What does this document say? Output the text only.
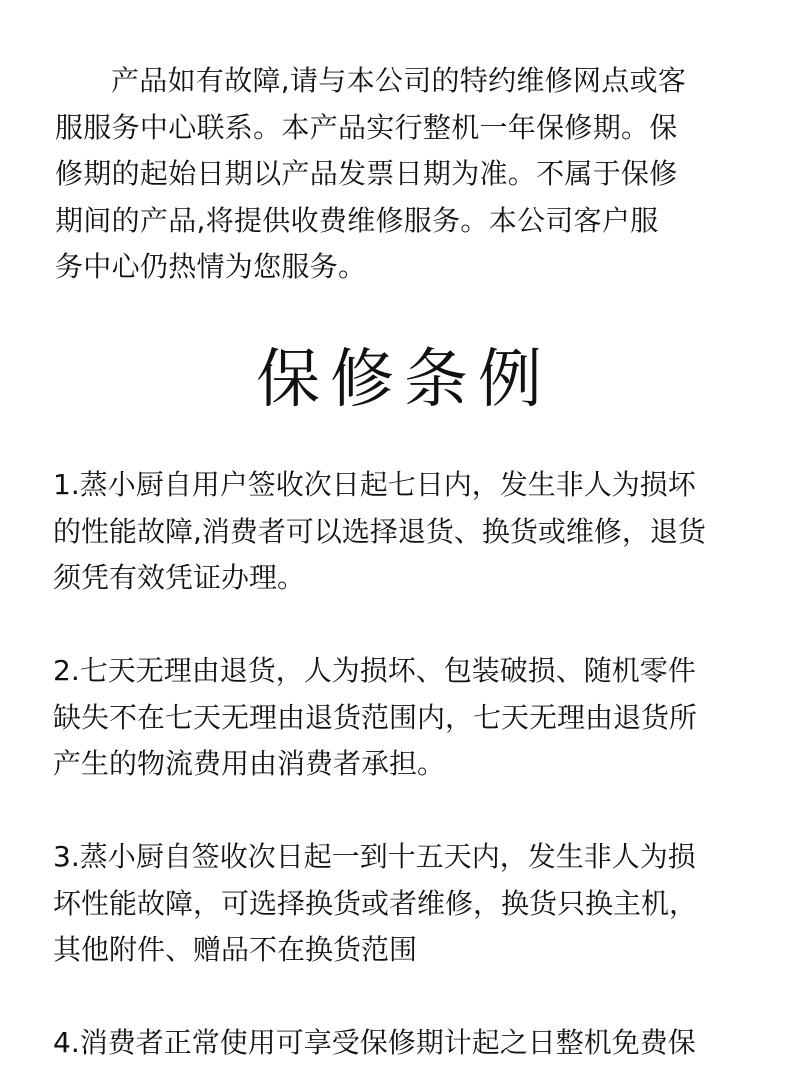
产品如有故障,请与本公司的特约维修网点或客
服服务中心联系。本产品实行整机一年保修期。保
修期的起始日期以产品发票日期为准。不属于保修
期间的产品,将提供收费维修服务。本公司客户服
务中心仍热情为您服务。
保修条例
1.蒸小厨自用户签收次日起七日内，发生非人为损坏
的性能故障,消费者可以选择退货、换货或维修，退货
须凭有效凭证办理。
2.七天无理由退货，人为损坏、包装破损、随机零件
缺失不在七天无理由退货范围内，七天无理由退货所
产生的物流费用由消费者承担。
3.蒸小厨自签收次日起一到十五天内，发生非人为损
坏性能故障，可选择换货或者维修，换货只换主机，
其他附件、赠品不在换货范围
4.消费者正常使用可享受保修期计起之日整机免费保
